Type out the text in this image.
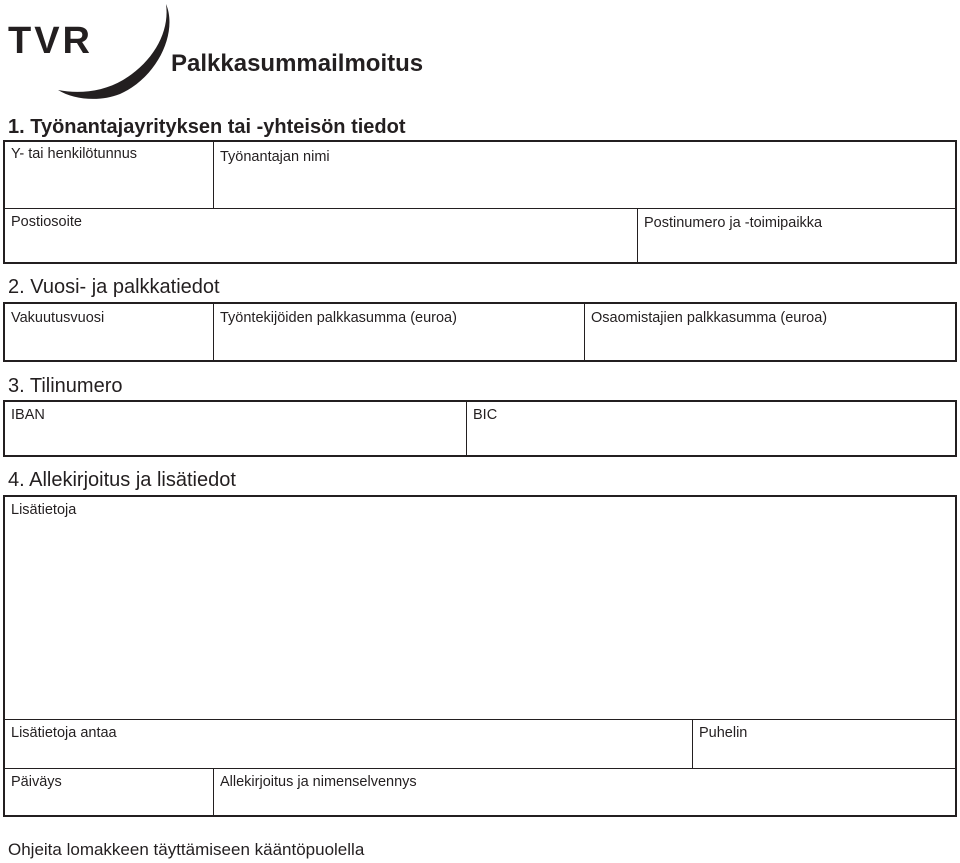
TVR
Palkkasummailmoitus
1. Työnantajayrityksen tai -yhteisön tiedot
Y- tai henkilötunnus	Työnantajan nimi
Postiosoite	Postinumero ja -toimipaikka
2. Vuosi- ja palkkatiedot
Vakuutusvuosi	Työntekijöiden palkkasumma (euroa)	Osaomistajien palkkasumma (euroa)
3. Tilinumero
IBAN	BIC
4. Allekirjoitus ja lisätiedot
Lisätietoja
Lisätietoja antaa	Puhelin
Päiväys	Allekirjoitus ja nimenselvennys
Ohjeita lomakkeen täyttämiseen kääntöpuolella
